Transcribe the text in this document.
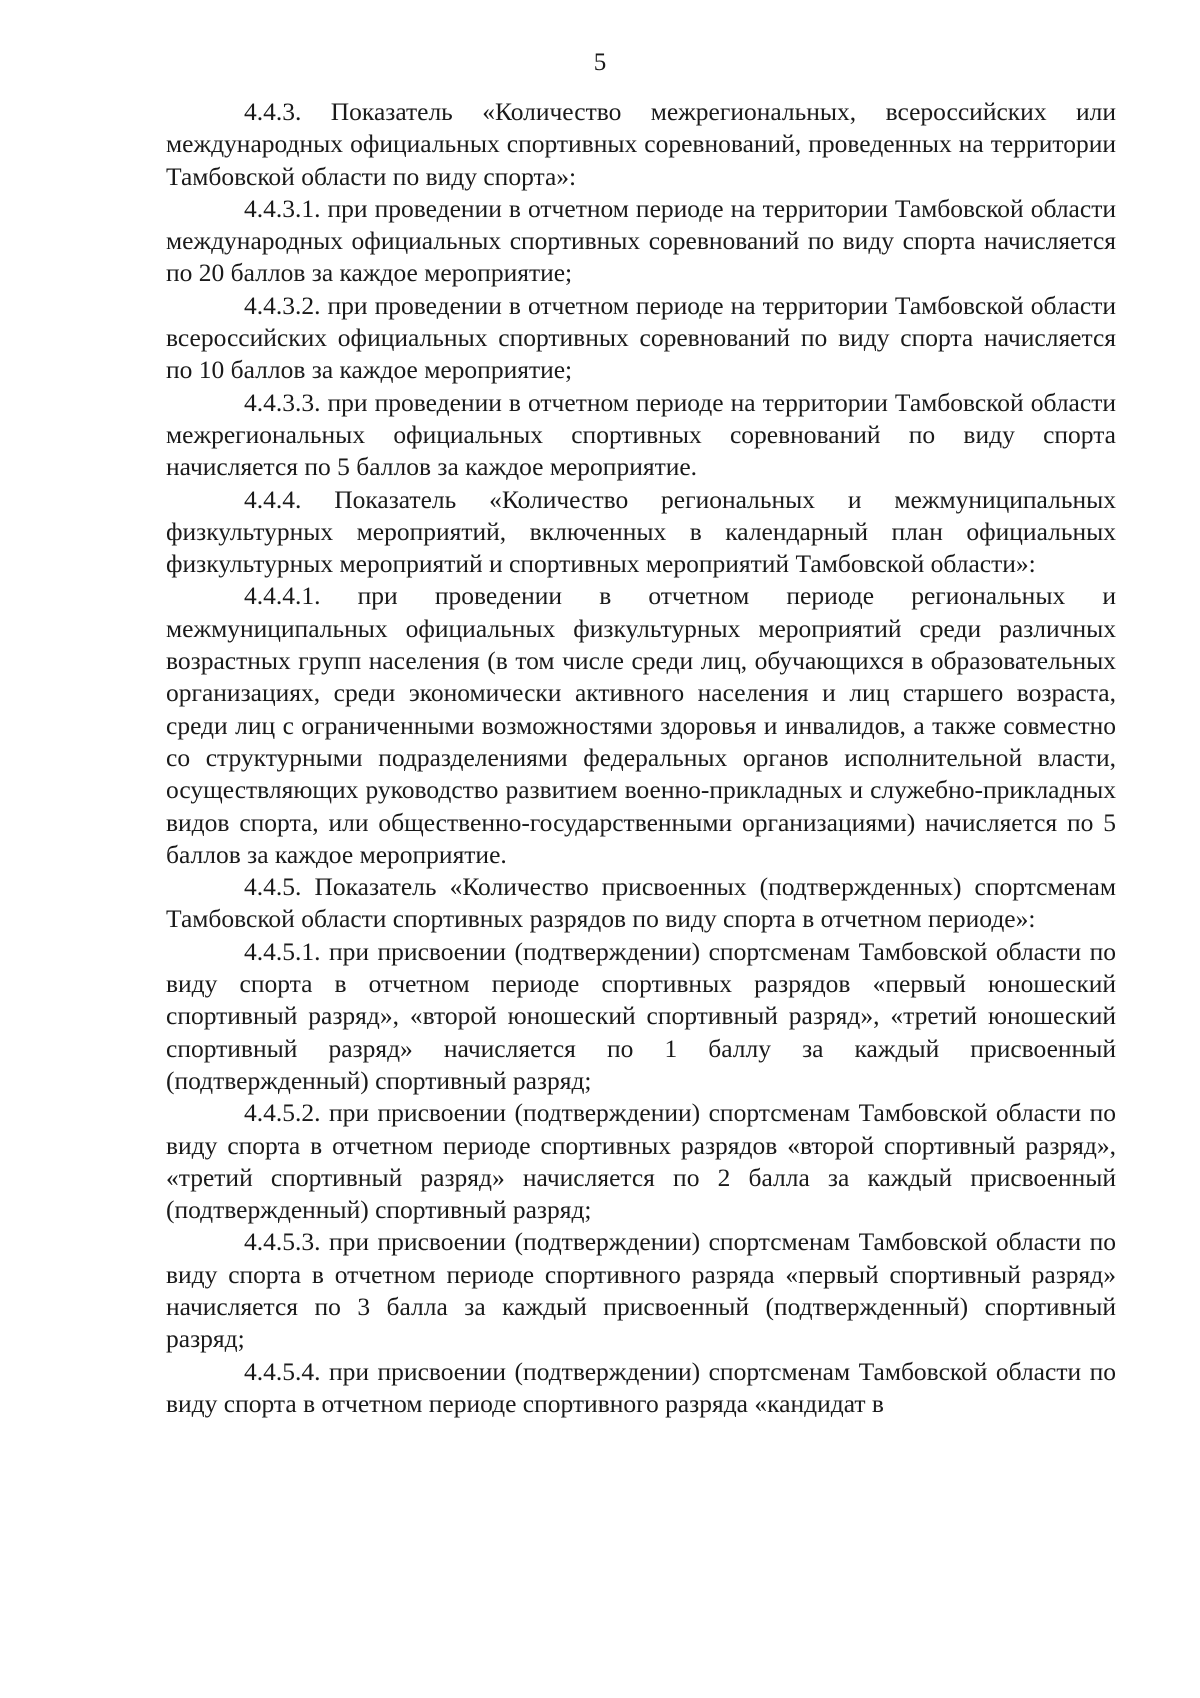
5

4.4.3. Показатель «Количество межрегиональных, всероссийских или международных официальных спортивных соревнований, проведенных на территории Тамбовской области по виду спорта»:

4.4.3.1. при проведении в отчетном периоде на территории Тамбовской области международных официальных спортивных соревнований по виду спорта начисляется по 20 баллов за каждое мероприятие;

4.4.3.2. при проведении в отчетном периоде на территории Тамбовской области всероссийских официальных спортивных соревнований по виду спорта начисляется по 10 баллов за каждое мероприятие;

4.4.3.3. при проведении в отчетном периоде на территории Тамбовской области межрегиональных официальных спортивных соревнований по виду спорта начисляется по 5 баллов за каждое мероприятие.

4.4.4. Показатель «Количество региональных и межмуниципальных физкультурных мероприятий, включенных в календарный план официальных физкультурных мероприятий и спортивных мероприятий Тамбовской области»:

4.4.4.1. при проведении в отчетном периоде региональных и межмуниципальных официальных физкультурных мероприятий среди различных возрастных групп населения (в том числе среди лиц, обучающихся в образовательных организациях, среди экономически активного населения и лиц старшего возраста, среди лиц с ограниченными возможностями здоровья и инвалидов, а также совместно со структурными подразделениями федеральных органов исполнительной власти, осуществляющих руководство развитием военно-прикладных и служебно-прикладных видов спорта, или общественно-государственными организациями) начисляется по 5 баллов за каждое мероприятие.

4.4.5. Показатель «Количество присвоенных (подтвержденных) спортсменам Тамбовской области спортивных разрядов по виду спорта в отчетном периоде»:

4.4.5.1. при присвоении (подтверждении) спортсменам Тамбовской области по виду спорта в отчетном периоде спортивных разрядов «первый юношеский спортивный разряд», «второй юношеский спортивный разряд», «третий юношеский спортивный разряд» начисляется по 1 баллу за каждый присвоенный (подтвержденный) спортивный разряд;

4.4.5.2. при присвоении (подтверждении) спортсменам Тамбовской области по виду спорта в отчетном периоде спортивных разрядов «второй спортивный разряд», «третий спортивный разряд» начисляется по 2 балла за каждый присвоенный (подтвержденный) спортивный разряд;

4.4.5.3. при присвоении (подтверждении) спортсменам Тамбовской области по виду спорта в отчетном периоде спортивного разряда «первый спортивный разряд» начисляется по 3 балла за каждый присвоенный (подтвержденный) спортивный разряд;

4.4.5.4. при присвоении (подтверждении) спортсменам Тамбовской области по виду спорта в отчетном периоде спортивного разряда «кандидат в
